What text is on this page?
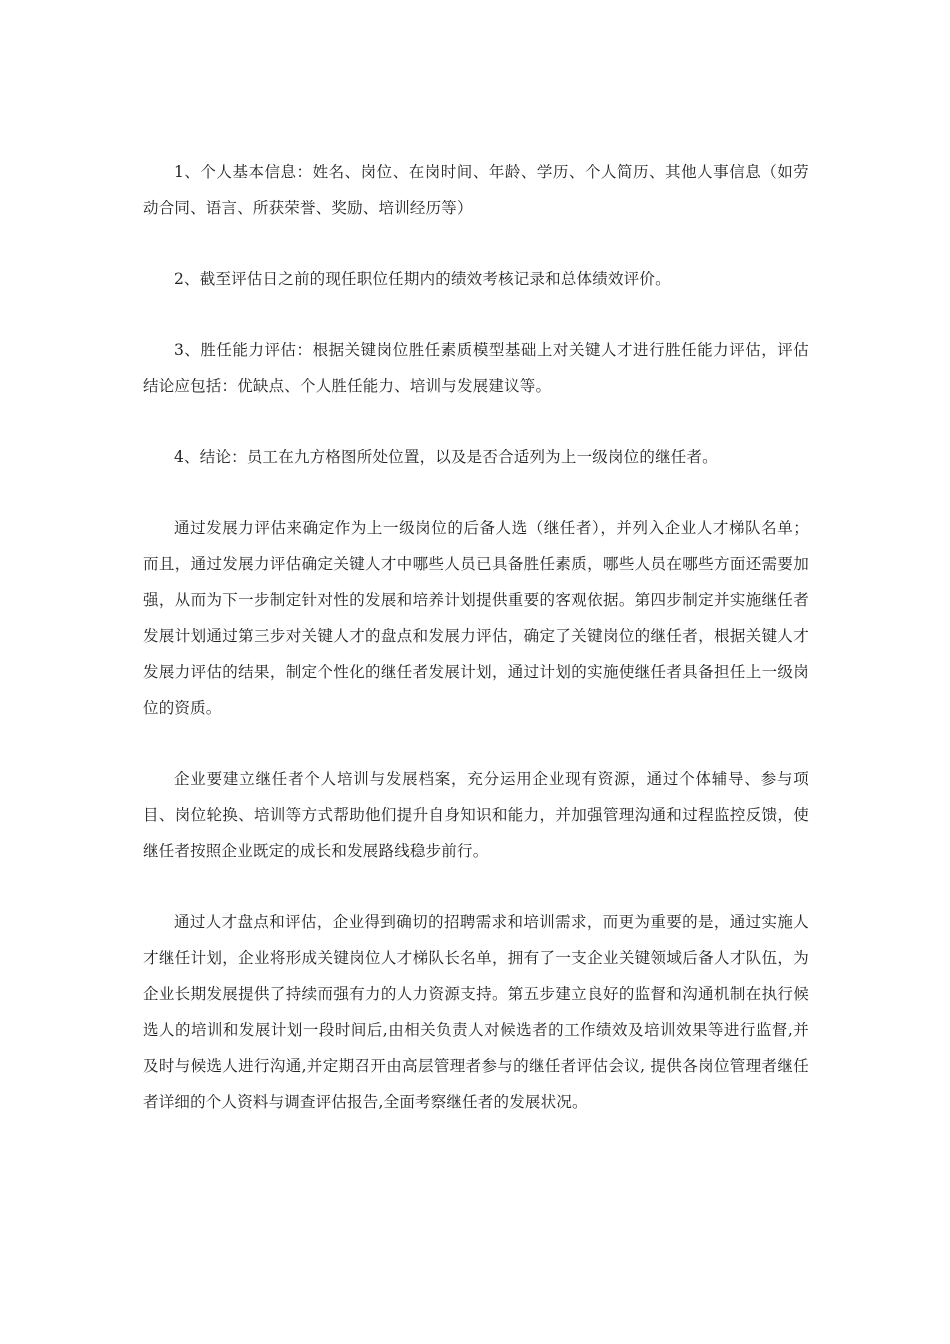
1、个人基本信息：姓名、岗位、在岗时间、年龄、学历、个人简历、其他人事信息（如劳动合同、语言、所获荣誉、奖励、培训经历等）

2、截至评估日之前的现任职位任期内的绩效考核记录和总体绩效评价。

3、胜任能力评估：根据关键岗位胜任素质模型基础上对关键人才进行胜任能力评估，评估结论应包括：优缺点、个人胜任能力、培训与发展建议等。

4、结论：员工在九方格图所处位置，以及是否合适列为上一级岗位的继任者。

通过发展力评估来确定作为上一级岗位的后备人选（继任者），并列入企业人才梯队名单；而且，通过发展力评估确定关键人才中哪些人员已具备胜任素质，哪些人员在哪些方面还需要加强，从而为下一步制定针对性的发展和培养计划提供重要的客观依据。第四步制定并实施继任者发展计划通过第三步对关键人才的盘点和发展力评估，确定了关键岗位的继任者，根据关键人才发展力评估的结果，制定个性化的继任者发展计划，通过计划的实施使继任者具备担任上一级岗位的资质。

企业要建立继任者个人培训与发展档案，充分运用企业现有资源，通过个体辅导、参与项目、岗位轮换、培训等方式帮助他们提升自身知识和能力，并加强管理沟通和过程监控反馈，使继任者按照企业既定的成长和发展路线稳步前行。

通过人才盘点和评估，企业得到确切的招聘需求和培训需求，而更为重要的是，通过实施人才继任计划，企业将形成关键岗位人才梯队长名单，拥有了一支企业关键领域后备人才队伍，为企业长期发展提供了持续而强有力的人力资源支持。第五步建立良好的监督和沟通机制在执行候选人的培训和发展计划一段时间后,由相关负责人对候选者的工作绩效及培训效果等进行监督,并及时与候选人进行沟通,并定期召开由高层管理者参与的继任者评估会议, 提供各岗位管理者继任者详细的个人资料与调查评估报告,全面考察继任者的发展状况。
